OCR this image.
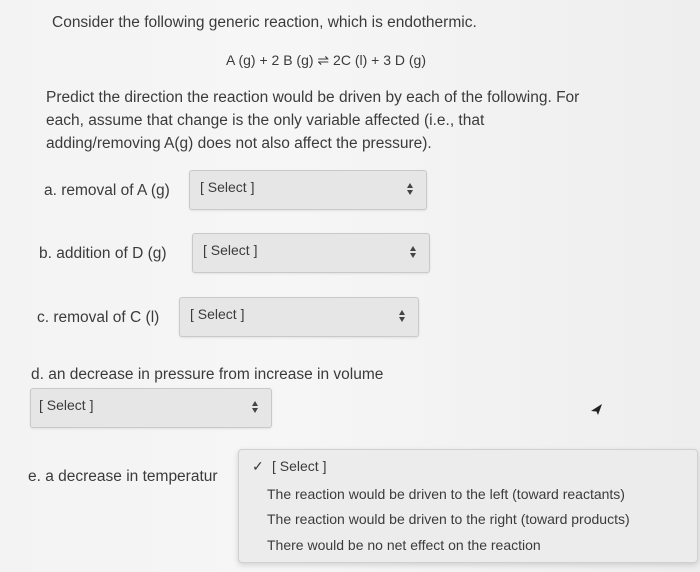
Consider the following generic reaction, which is endothermic.
A (g) + 2 B (g) ⇌ 2C (l) + 3 D (g)
Predict the direction the reaction would be driven by each of the following. For
each, assume that change is the only variable affected (i.e., that
adding/removing A(g) does not also affect the pressure).
a. removal of A (g) [ Select ]
b. addition of D (g)	[ Select ]
c. removal of C (l) [ Select ]
d. an decrease in pressure from increase in volume
[ Select ]
e. a decrease in temperatur
✓ [ Select ]
The reaction would be driven to the left (toward reactants)
The reaction would be driven to the right (toward products)
There would be no net effect on the reaction
